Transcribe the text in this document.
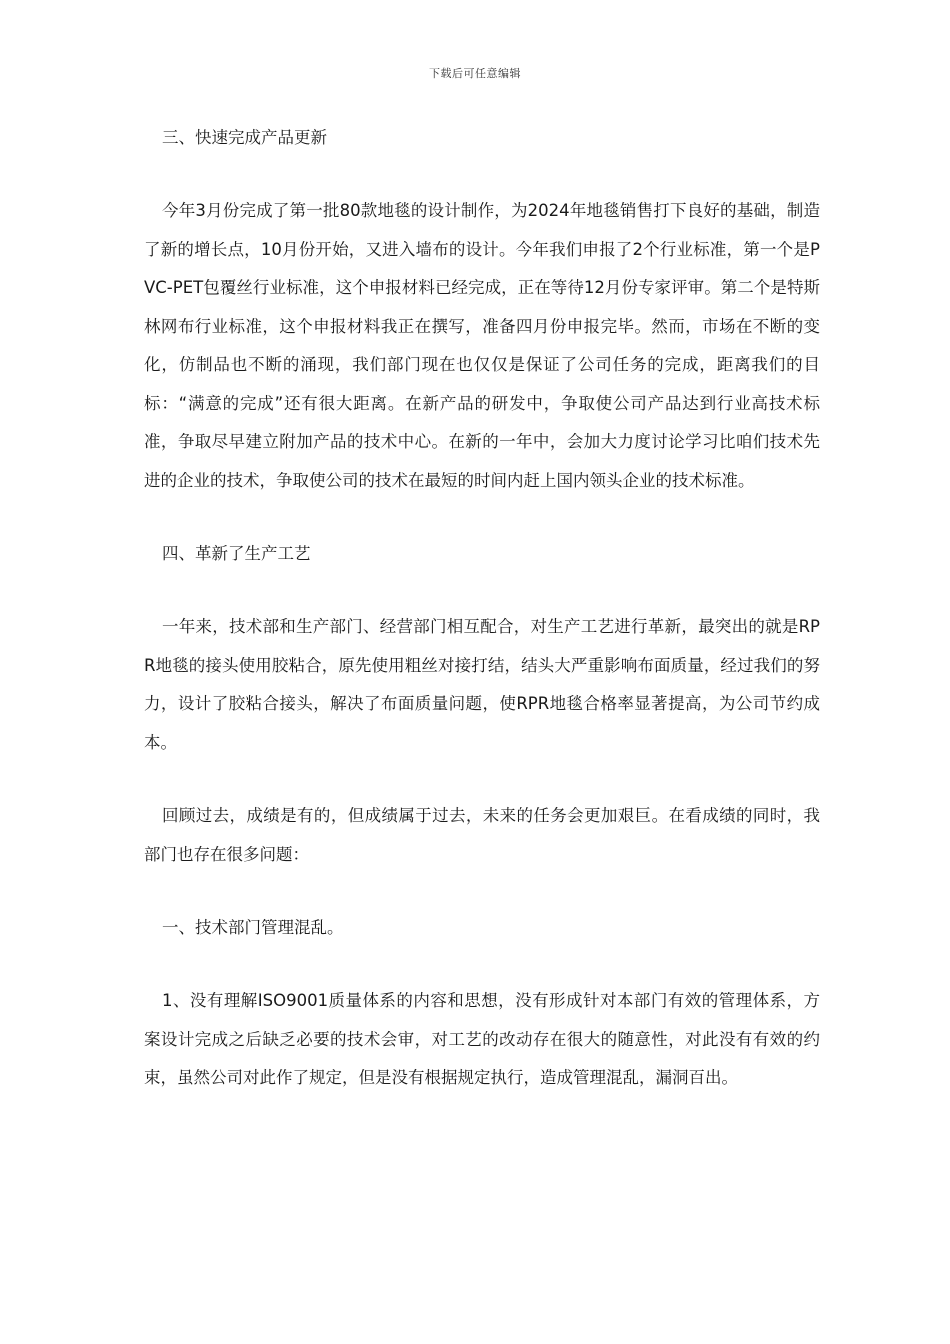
下载后可任意编辑
三、快速完成产品更新

今年3月份完成了第一批80款地毯的设计制作，为2024年地毯销售打下良好的基础，制造了新的增长点，10月份开始，又进入墙布的设计。今年我们申报了2个行业标准，第一个是PVC-PET包覆丝行业标准，这个申报材料已经完成，正在等待12月份专家评审。第二个是特斯林网布行业标准，这个申报材料我正在撰写，准备四月份申报完毕。然而，市场在不断的变化，仿制品也不断的涌现，我们部门现在也仅仅是保证了公司任务的完成，距离我们的目标：“满意的完成”还有很大距离。在新产品的研发中，争取使公司产品达到行业高技术标准，争取尽早建立附加产品的技术中心。在新的一年中，会加大力度讨论学习比咱们技术先进的企业的技术，争取使公司的技术在最短的时间内赶上国内领头企业的技术标准。

四、革新了生产工艺

一年来，技术部和生产部门、经营部门相互配合，对生产工艺进行革新，最突出的就是RPR地毯的接头使用胶粘合，原先使用粗丝对接打结，结头大严重影响布面质量，经过我们的努力，设计了胶粘合接头，解决了布面质量问题，使RPR地毯合格率显著提高，为公司节约成本。

回顾过去，成绩是有的，但成绩属于过去，未来的任务会更加艰巨。在看成绩的同时，我部门也存在很多问题：

一、技术部门管理混乱。

1、没有理解ISO9001质量体系的内容和思想，没有形成针对本部门有效的管理体系，方案设计完成之后缺乏必要的技术会审，对工艺的改动存在很大的随意性，对此没有有效的约束，虽然公司对此作了规定，但是没有根据规定执行，造成管理混乱，漏洞百出。
